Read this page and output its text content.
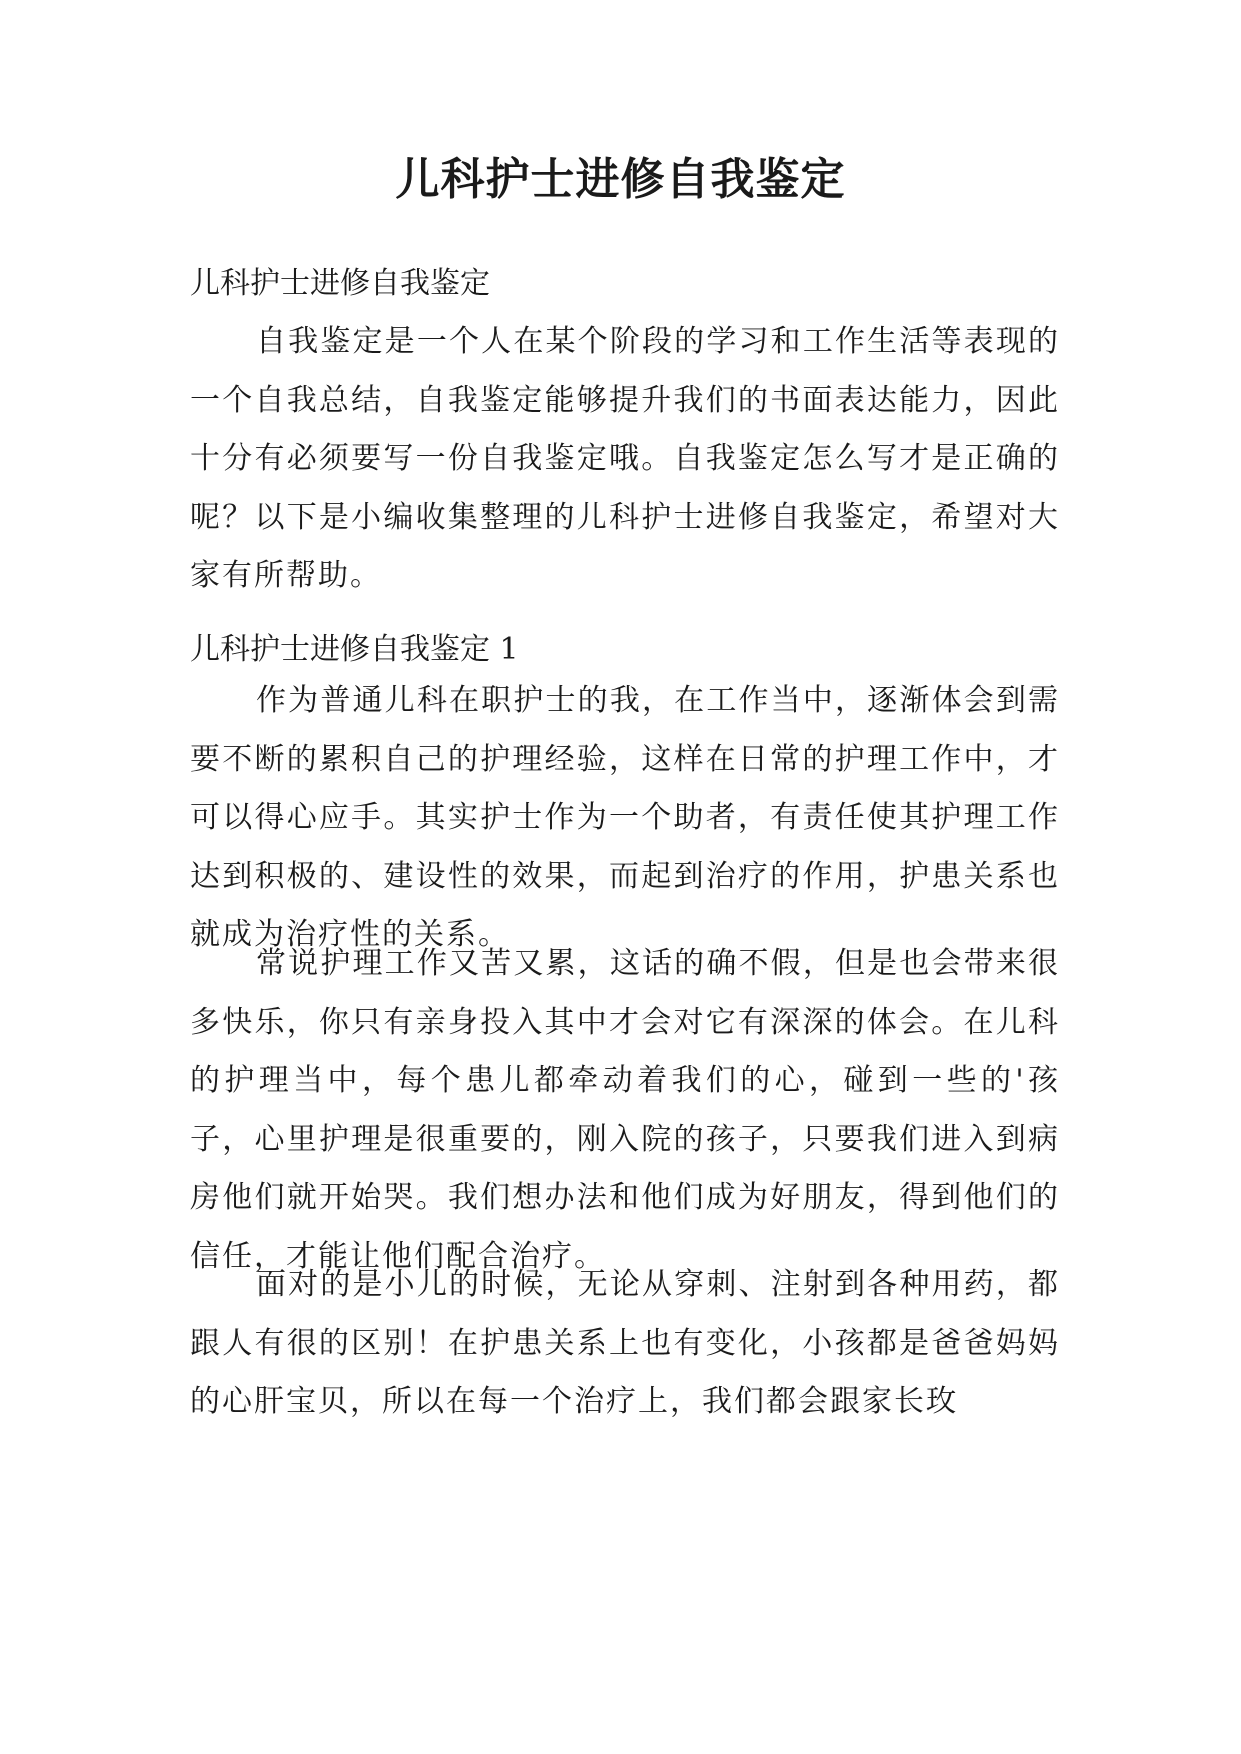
儿科护士进修自我鉴定
儿科护士进修自我鉴定

自我鉴定是一个人在某个阶段的学习和工作生活等表现的一个自我总结，自我鉴定能够提升我们的书面表达能力，因此十分有必须要写一份自我鉴定哦。自我鉴定怎么写才是正确的呢？以下是小编收集整理的儿科护士进修自我鉴定，希望对大家有所帮助。

儿科护士进修自我鉴定 1

作为普通儿科在职护士的我，在工作当中，逐渐体会到需要不断的累积自己的护理经验，这样在日常的护理工作中，才可以得心应手。其实护士作为一个助者，有责任使其护理工作达到积极的、建设性的效果，而起到治疗的作用，护患关系也就成为治疗性的关系。

常说护理工作又苦又累，这话的确不假，但是也会带来很多快乐，你只有亲身投入其中才会对它有深深的体会。在儿科的护理当中，每个患儿都牵动着我们的心，碰到一些的'孩子，心里护理是很重要的，刚入院的孩子，只要我们进入到病房他们就开始哭。我们想办法和他们成为好朋友，得到他们的信任，才能让他们配合治疗。

面对的是小儿的时候，无论从穿刺、注射到各种用药，都跟人有很的区别！在护患关系上也有变化，小孩都是爸爸妈妈的心肝宝贝，所以在每一个治疗上，我们都会跟家长玫
